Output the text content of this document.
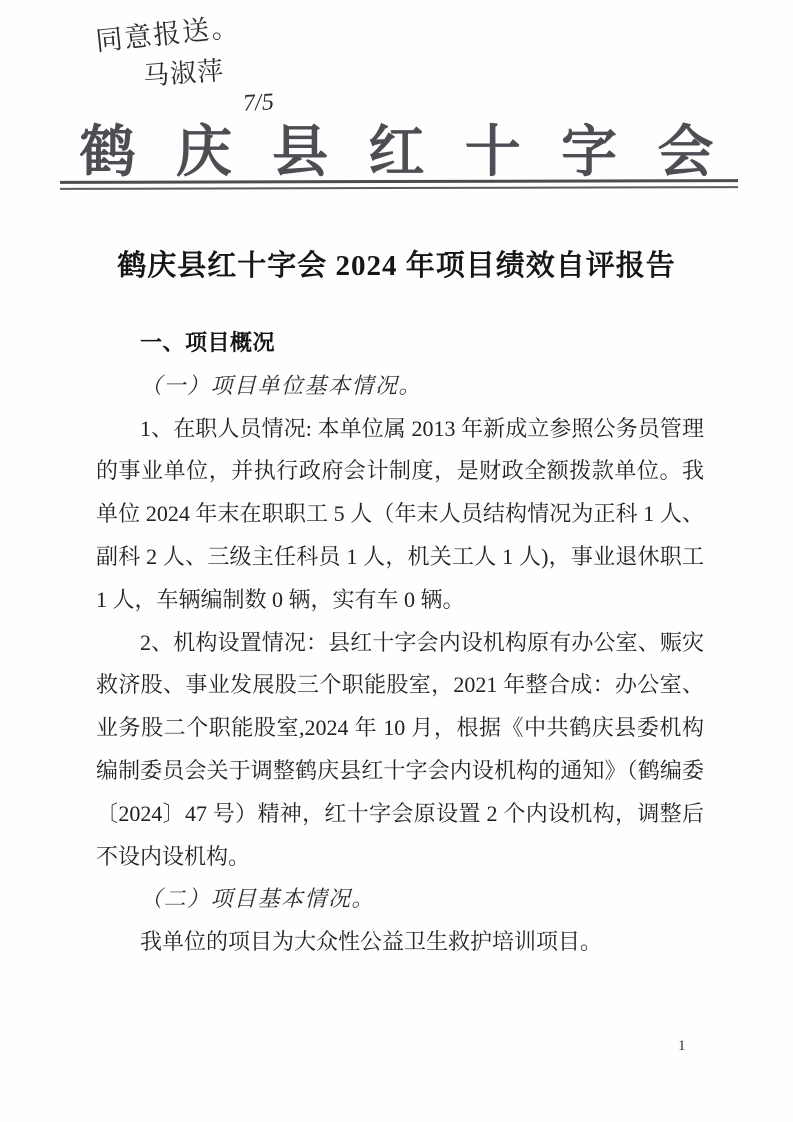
同意报送。
马淑萍
7/5
鹤庆县红十字会
鹤庆县红十字会 2024 年项目绩效自评报告

一、项目概况

（一）项目单位基本情况。

1、在职人员情况: 本单位属 2013 年新成立参照公务员管理的事业单位，并执行政府会计制度，是财政全额拨款单位。我单位 2024 年末在职职工 5 人（年末人员结构情况为正科 1 人、副科 2 人、三级主任科员 1 人，机关工人 1 人)，事业退休职工 1 人，车辆编制数 0 辆，实有车 0 辆。

2、机构设置情况：县红十字会内设机构原有办公室、赈灾救济股、事业发展股三个职能股室，2021 年整合成：办公室、业务股二个职能股室,2024 年 10 月，根据《中共鹤庆县委机构编制委员会关于调整鹤庆县红十字会内设机构的通知》（鹤编委〔2024〕47 号）精神，红十字会原设置 2 个内设机构，调整后不设内设机构。

（二）项目基本情况。

我单位的项目为大众性公益卫生救护培训项目。

1
